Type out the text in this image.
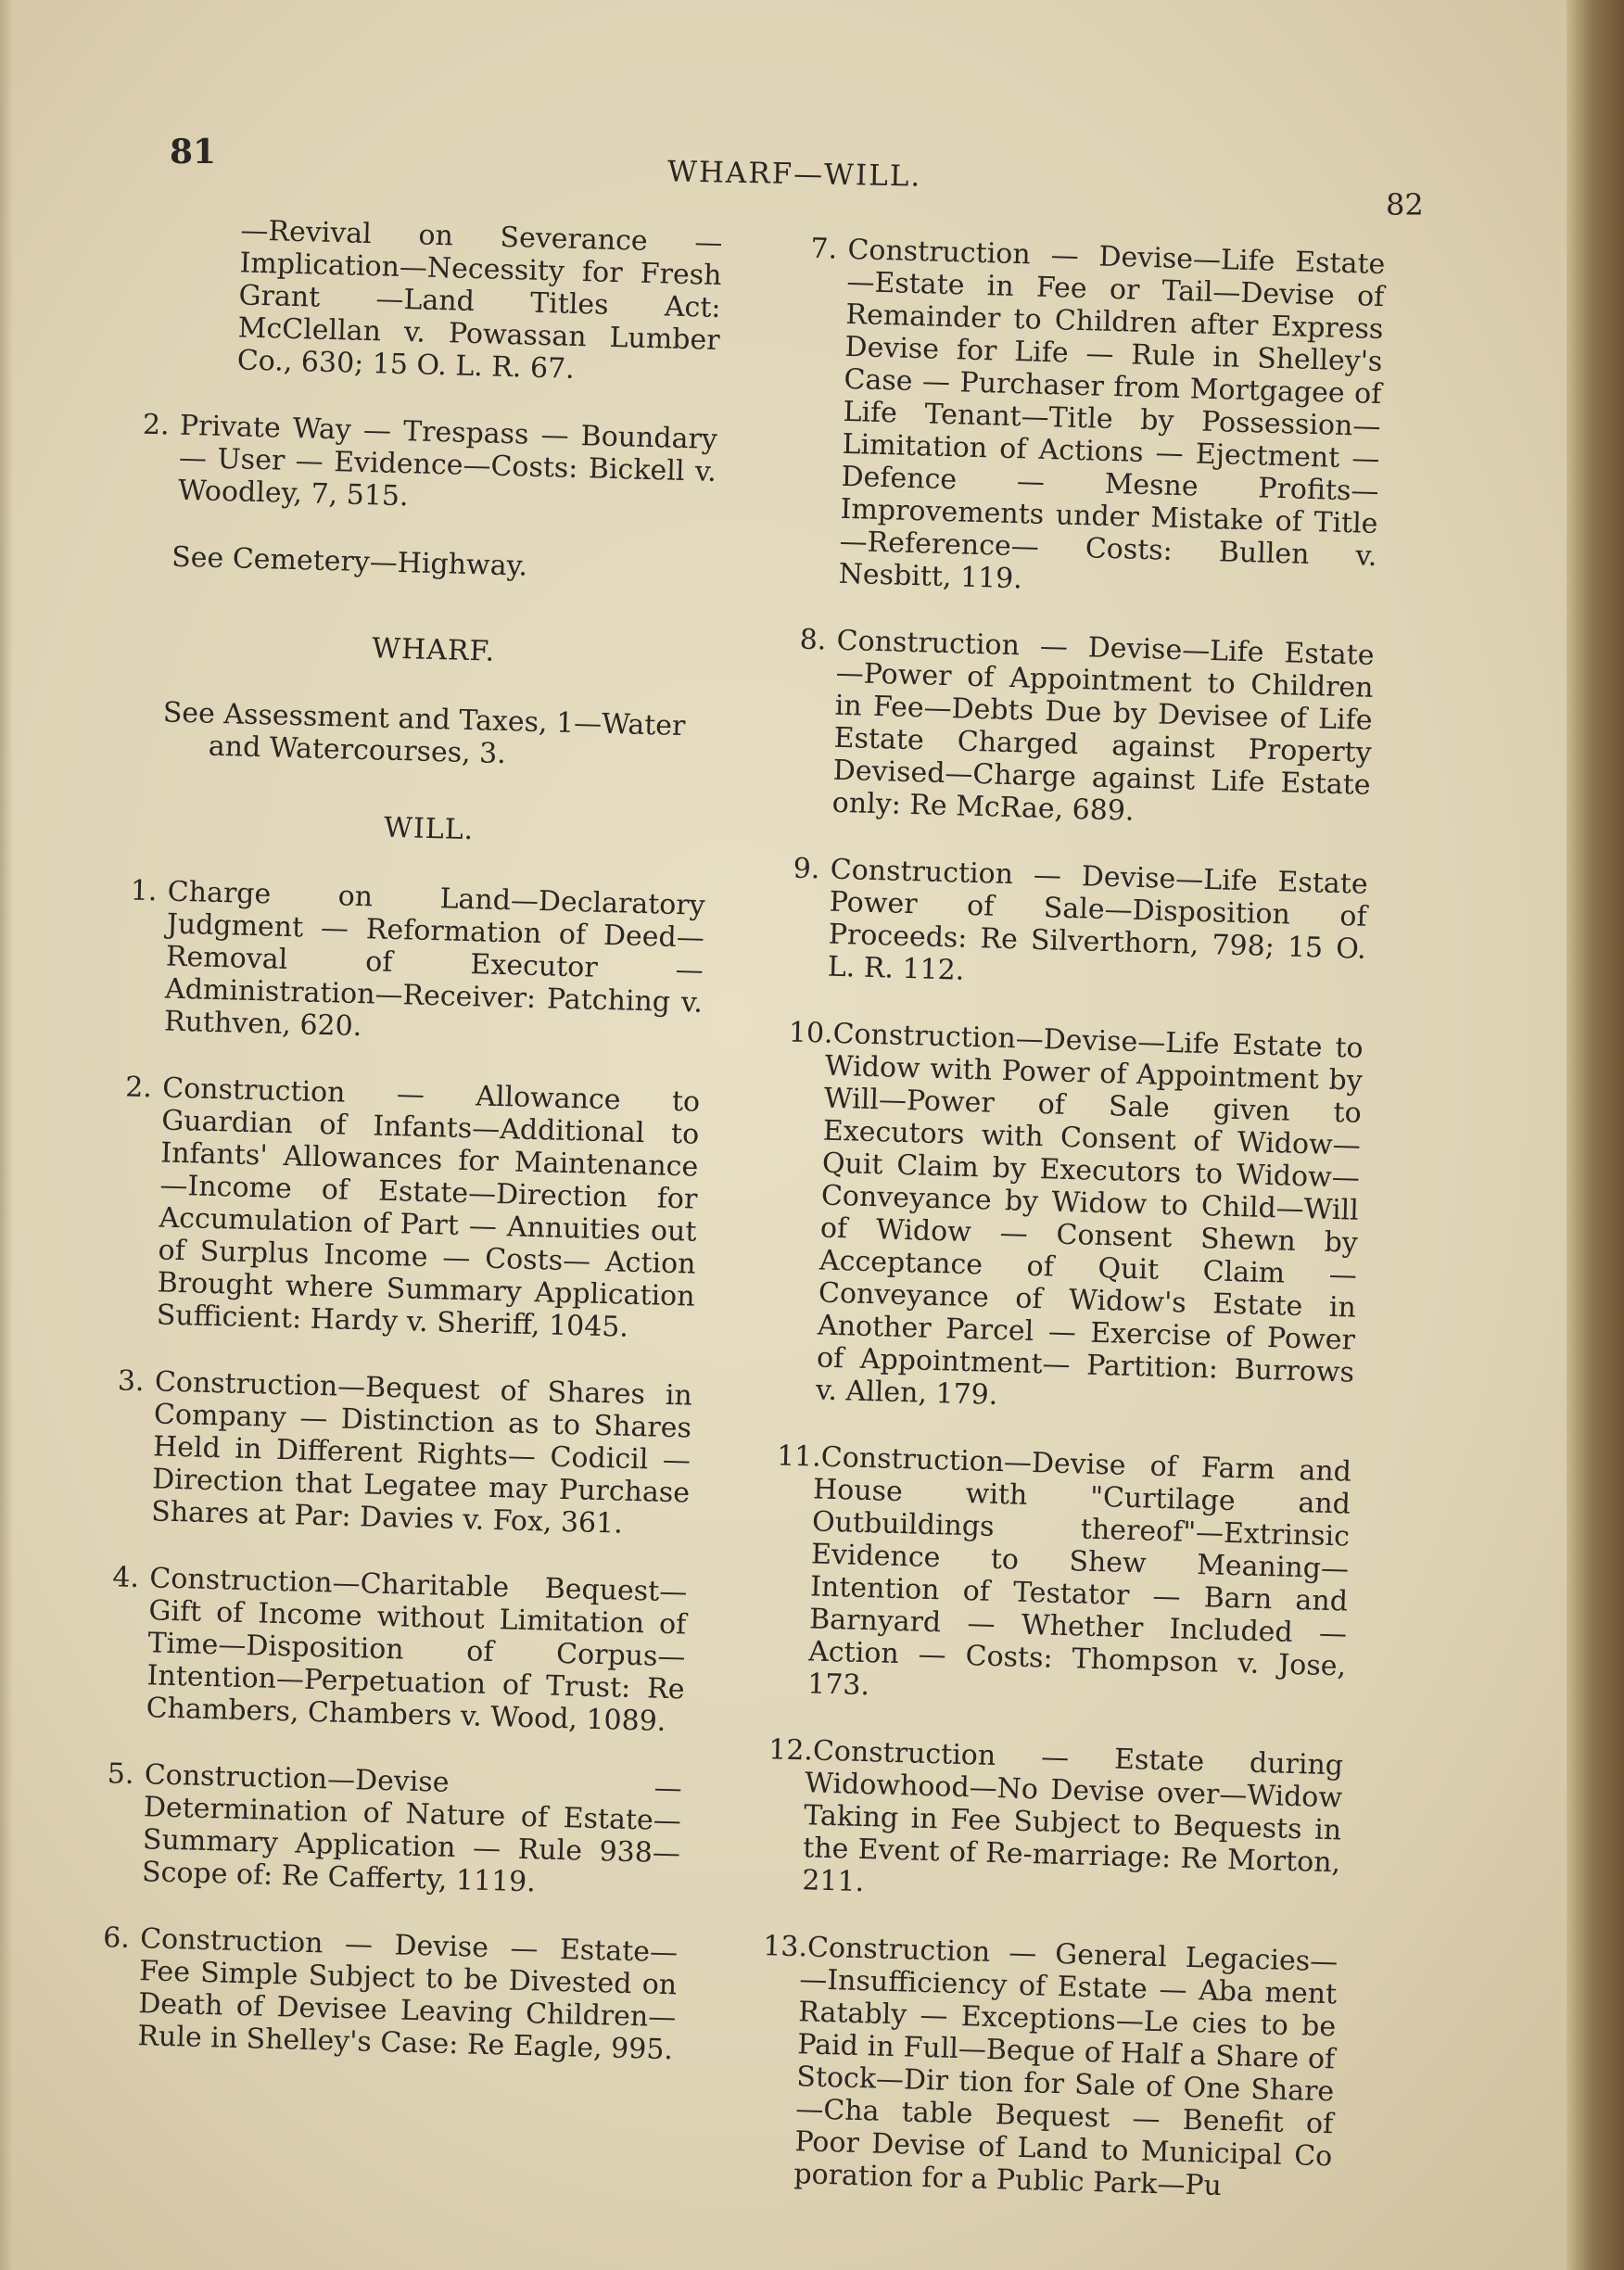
81
82
WHARF—WILL.

—Revival on Severance — Implication—Necessity for Fresh Grant —Land Titles Act: McClellan v. Powassan Lumber Co., 630; 15 O. L. R. 67.

2. Private Way — Trespass — Boundary — User — Evidence—Costs: Bickell v. Woodley, 7, 515.

See Cemetery—Highway.

WHARF.

See Assessment and Taxes, 1—Water and Watercourses, 3.

WILL.

1. Charge on Land—Declaratory Judgment — Reformation of Deed—Removal of Executor — Administration—Receiver: Patching v. Ruthven, 620.

2. Construction — Allowance to Guardian of Infants—Additional to Infants' Allowances for Maintenance —Income of Estate—Direction for Accumulation of Part — Annuities out of Surplus Income — Costs— Action Brought where Summary Application Sufficient: Hardy v. Sheriff, 1045.

3. Construction—Bequest of Shares in Company — Distinction as to Shares Held in Different Rights— Codicil — Direction that Legatee may Purchase Shares at Par: Davies v. Fox, 361.

4. Construction—Charitable Bequest— Gift of Income without Limitation of Time—Disposition of Corpus— Intention—Perpetuation of Trust: Re Chambers, Chambers v. Wood, 1089.

5. Construction—Devise — Determination of Nature of Estate—Summary Application — Rule 938— Scope of: Re Cafferty, 1119.

6. Construction — Devise — Estate— Fee Simple Subject to be Divested on Death of Devisee Leaving Children—Rule in Shelley's Case: Re Eagle, 995.

7. Construction — Devise—Life Estate —Estate in Fee or Tail—Devise of Remainder to Children after Express Devise for Life — Rule in Shelley's Case — Purchaser from Mortgagee of Life Tenant—Title by Possession—Limitation of Actions — Ejectment — Defence — Mesne Profits—Improvements under Mistake of Title—Reference— Costs: Bullen v. Nesbitt, 119.

8. Construction — Devise—Life Estate —Power of Appointment to Children in Fee—Debts Due by Devisee of Life Estate Charged against Property Devised—Charge against Life Estate only: Re McRae, 689.

9. Construction — Devise—Life Estate Power of Sale—Disposition of Proceeds: Re Silverthorn, 798; 15 O. L. R. 112.

10.Construction—Devise—Life Estate to Widow with Power of Appointment by Will—Power of Sale given to Executors with Consent of Widow—Quit Claim by Executors to Widow—Conveyance by Widow to Child—Will of Widow — Consent Shewn by Acceptance of Quit Claim — Conveyance of Widow's Estate in Another Parcel — Exercise of Power of Appointment— Partition: Burrows v. Allen, 179.

11.Construction—Devise of Farm and House with "Curtilage and Outbuildings thereof"—Extrinsic Evidence to Shew Meaning—Intention of Testator — Barn and Barnyard — Whether Included — Action — Costs: Thompson v. Jose, 173.

12.Construction — Estate during Widowhood—No Devise over—Widow Taking in Fee Subject to Bequests in the Event of Re-marriage: Re Morton, 211.

13.Construction — General Legacies— —Insufficiency of Estate — Aba ment Ratably — Exceptions—Le cies to be Paid in Full—Beque of Half a Share of Stock—Dir tion for Sale of One Share—Cha table Bequest — Benefit of Poor Devise of Land to Municipal Co poration for a Public Park—Pu
